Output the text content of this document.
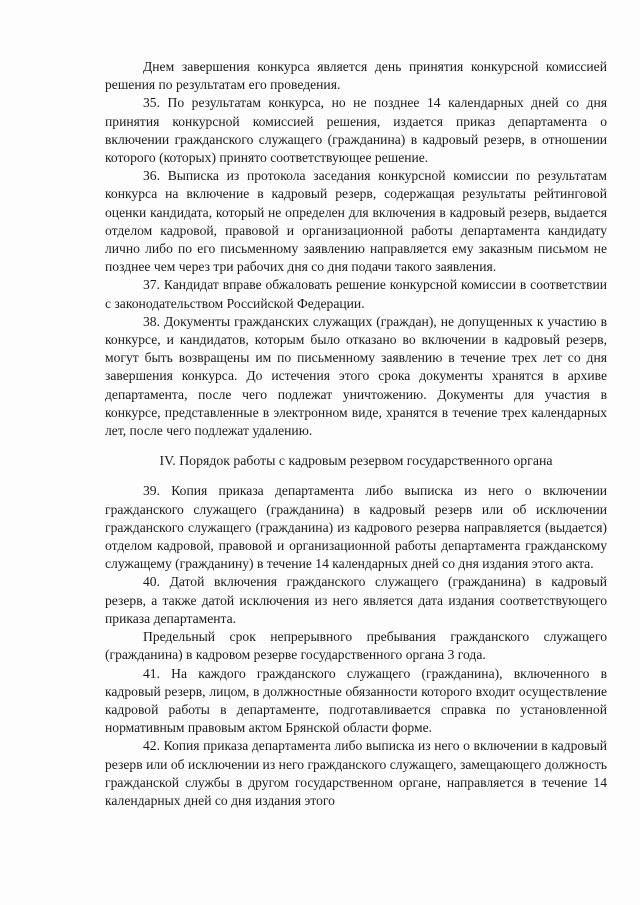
Днем завершения конкурса является день принятия конкурсной комиссией решения по результатам его проведения.

35. По результатам конкурса, но не позднее 14 календарных дней со дня принятия конкурсной комиссией решения, издается приказ департамента о включении гражданского служащего (гражданина) в кадровый резерв, в отношении которого (которых) принято соответствующее решение.

36. Выписка из протокола заседания конкурсной комиссии по результатам конкурса на включение в кадровый резерв, содержащая результаты рейтинговой оценки кандидата, который не определен для включения в кадровый резерв, выдается отделом кадровой, правовой и организационной работы департамента кандидату лично либо по его письменному заявлению направляется ему заказным письмом не позднее чем через три рабочих дня со дня подачи такого заявления.

37. Кандидат вправе обжаловать решение конкурсной комиссии в соответствии с законодательством Российской Федерации.

38. Документы гражданских служащих (граждан), не допущенных к участию в конкурсе, и кандидатов, которым было отказано во включении в кадровый резерв, могут быть возвращены им по письменному заявлению в течение трех лет со дня завершения конкурса. До истечения этого срока документы хранятся в архиве департамента, после чего подлежат уничтожению. Документы для участия в конкурсе, представленные в электронном виде, хранятся в течение трех календарных лет, после чего подлежат удалению.

IV. Порядок работы с кадровым резервом государственного органа

39. Копия приказа департамента либо выписка из него о включении гражданского служащего (гражданина) в кадровый резерв или об исключении гражданского служащего (гражданина) из кадрового резерва направляется (выдается) отделом кадровой, правовой и организационной работы департамента гражданскому служащему (гражданину) в течение 14 календарных дней со дня издания этого акта.

40. Датой включения гражданского служащего (гражданина) в кадровый резерв, а также датой исключения из него является дата издания соответствующего приказа департамента.

Предельный срок непрерывного пребывания гражданского служащего (гражданина) в кадровом резерве государственного органа 3 года.

41. На каждого гражданского служащего (гражданина), включенного в кадровый резерв, лицом, в должностные обязанности которого входит осуществление кадровой работы в департаменте, подготавливается справка по установленной нормативным правовым актом Брянской области форме.

42. Копия приказа департамента либо выписка из него о включении в кадровый резерв или об исключении из него гражданского служащего, замещающего должность гражданской службы в другом государственном органе, направляется в течение 14 календарных дней со дня издания этого
